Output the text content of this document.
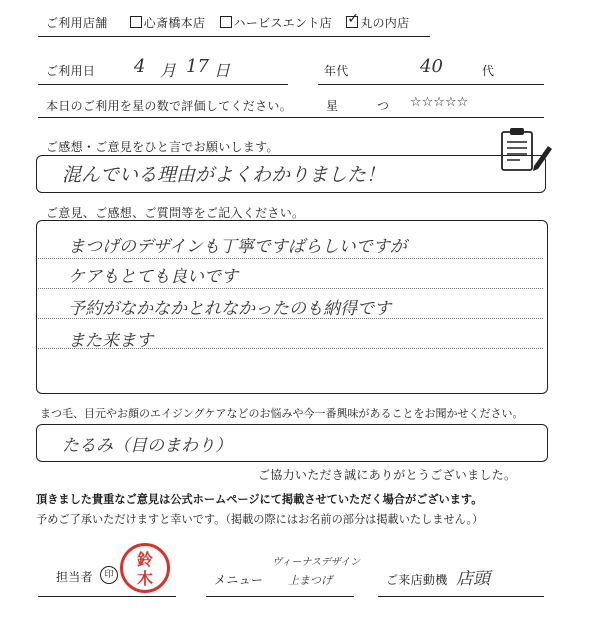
ご利用店舗	心斎橋本店 ハービスエント店  ✓ 丸の内店
ご利用日 4 月 17 日	年代	40	代
本日のご利用を星の数で評価してください。	星	つ ☆☆☆☆☆
ご感想・ご意見をひと言でお願いします。
混んでいる理由がよくわかりました！
ご意見、ご感想、ご質問等をご記入ください。
まつげのデザインも丁寧ですばらしいですが
ケアもとても良いです
予約がなかなかとれなかったのも納得です
また来ます
まつ毛、目元やお顔のエイジングケアなどのお悩みや今一番興味があることをお聞かせください。
たるみ（目のまわり）
ご協力いただき誠にありがとうございました。
頂きました貴重なご意見は公式ホームページにて掲載させていただく場合がございます。
予めご了承いただけますと幸いです。（掲載の際にはお名前の部分は掲載いたしません。）
担当者	印
鈴木	メニュー
ヴィーナスデザイン
上まつげ	ご来店動機 店頭
